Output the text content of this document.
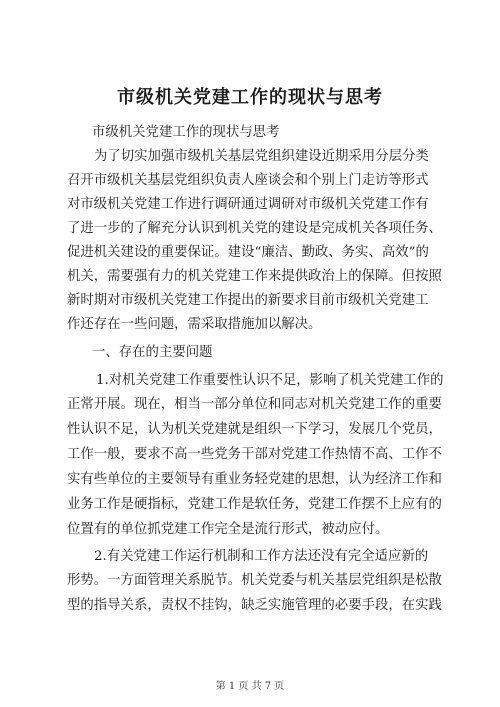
市级机关党建工作的现状与思考
市级机关党建工作的现状与思考
为了切实加强市级机关基层党组织建设近期采用分层分类
召开市级机关基层党组织负责人座谈会和个别上门走访等形式
对市级机关党建工作进行调研通过调研对市级机关党建工作有
了进一步的了解充分认识到机关党的建设是完成机关各项任务、
促进机关建设的重要保证。建设“廉洁、勤政、务实、高效”的
机关，需要强有力的机关党建工作来提供政治上的保障。但按照
新时期对市级机关党建工作提出的新要求目前市级机关党建工
作还存在一些问题，需采取措施加以解决。
一、存在的主要问题
1.对机关党建工作重要性认识不足，影响了机关党建工作的
正常开展。现在，相当一部分单位和同志对机关党建工作的重要
性认识不足，认为机关党建就是组织一下学习，发展几个党员，
工作一般，要求不高一些党务干部对党建工作热情不高、工作不
实有些单位的主要领导有重业务轻党建的思想，认为经济工作和
业务工作是硬指标，党建工作是软任务，党建工作摆不上应有的
位置有的单位抓党建工作完全是流行形式，被动应付。
2.有关党建工作运行机制和工作方法还没有完全适应新的
形势。一方面管理关系脱节。机关党委与机关基层党组织是松散
型的指导关系，责权不挂钩，缺乏实施管理的必要手段，在实践
第 1 页 共 7 页
